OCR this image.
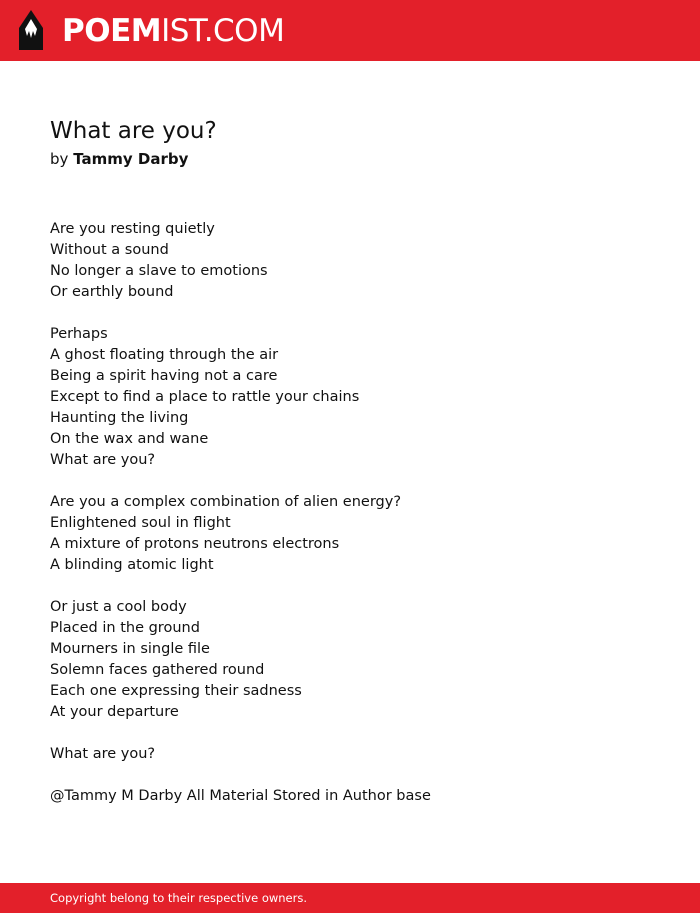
POEMIST.COM
What are you?
by Tammy Darby
Are you resting quietly
Without a sound
No longer a slave to emotions
Or earthly bound
Perhaps
A ghost floating through the air
Being a spirit having not a care
Except to find a place to rattle your chains
Haunting the living
On the wax and wane
What are you?
Are you a complex combination of alien energy?
Enlightened soul in flight
A mixture of protons neutrons electrons
A blinding atomic light
Or just a cool body
Placed in the ground
Mourners in single file
Solemn faces gathered round
Each one expressing their sadness
At your departure
What are you?
@Tammy M Darby All Material Stored in Author base
Copyright belong to their respective owners.
